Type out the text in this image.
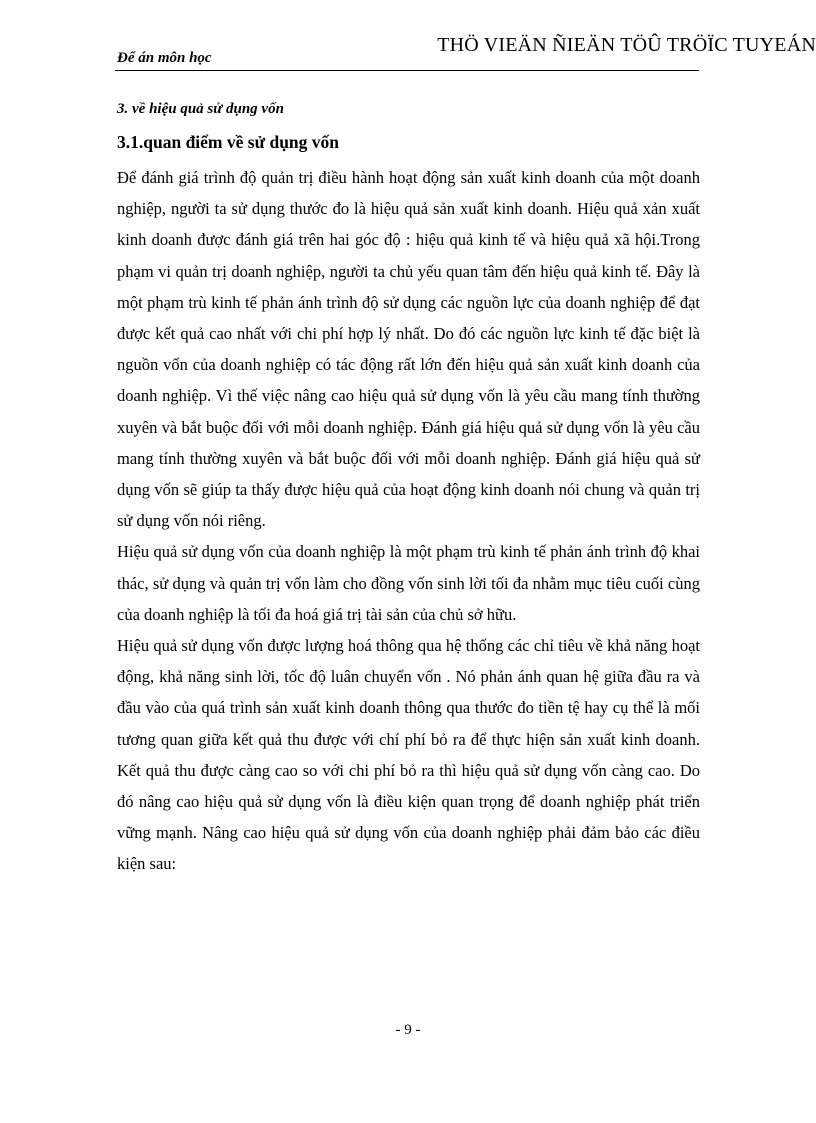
THÖ VIEÄN ÑIEÄN TÖÛ TRÖÏC TUYEÁN
Để án môn học
3. về hiệu quả sử dụng vốn
3.1.quan điểm về sử dụng vốn

Để đánh giá trình độ quản trị điều hành hoạt động sản xuất kinh doanh của một doanh nghiệp, người ta sử dụng thước đo là hiệu quả sản xuất kinh doanh. Hiệu quả xản xuất kinh doanh được đánh giá trên hai góc độ : hiệu quả kinh tế và hiệu quả xã hội.Trong phạm vi quản trị doanh nghiệp, người ta chủ yếu quan tâm đến hiệu quả kinh tế. Đây là một phạm trù kinh tế phản ánh trình độ sử dụng các nguồn lực của doanh nghiệp để đạt được kết quả cao nhất với chi phí hợp lý nhất. Do đó các nguồn lực kinh tế đặc biệt là nguồn vốn của doanh nghiệp có tác động rất lớn đến hiệu quả sản xuất kinh doanh của doanh nghiệp. Vì thế việc nâng cao hiệu quả sử dụng vốn là yêu cầu mang tính thường xuyên và bắt buộc đối với mỗi doanh nghiệp. Đánh giá hiệu quả sử dụng vốn là yêu cầu mang tính thường xuyên và bắt buộc đối với mỗi doanh nghiệp. Đánh giá hiệu quả sử dụng vốn sẽ giúp ta thấy được hiệu quả của hoạt động kinh doanh nói chung và quản trị sử dụng vốn nói riêng.

Hiệu quả sử dụng vốn của doanh nghiệp là một phạm trù kinh tế phản ánh trình độ khai thác, sử dụng và quản trị vốn làm cho đồng vốn sinh lời tối đa nhằm mục tiêu cuối cùng của doanh nghiệp là tối đa hoá giá trị tài sản của chủ sở hữu.

Hiệu quả sử dụng vốn được lượng hoá thông qua hệ thống các chỉ tiêu về khả năng hoạt động, khả năng sinh lời, tốc độ luân chuyển vốn . Nó phản ánh quan hệ giữa đầu ra và đầu vào của quá trình sản xuất kinh doanh thông qua thước đo tiền tệ hay cụ thể là mối tương quan giữa kết quả thu được với chí phí bỏ ra để thực hiện sản xuất kinh doanh. Kết quả thu được càng cao so với chi phí bỏ ra thì hiệu quả sử dụng vốn càng cao. Do đó nâng cao hiệu quả sử dụng vốn là điều kiện quan trọng để doanh nghiệp phát triển vững mạnh. Nâng cao hiệu quả sử dụng vốn của doanh nghiệp phải đảm bảo các điều kiện sau:

- 9 -
